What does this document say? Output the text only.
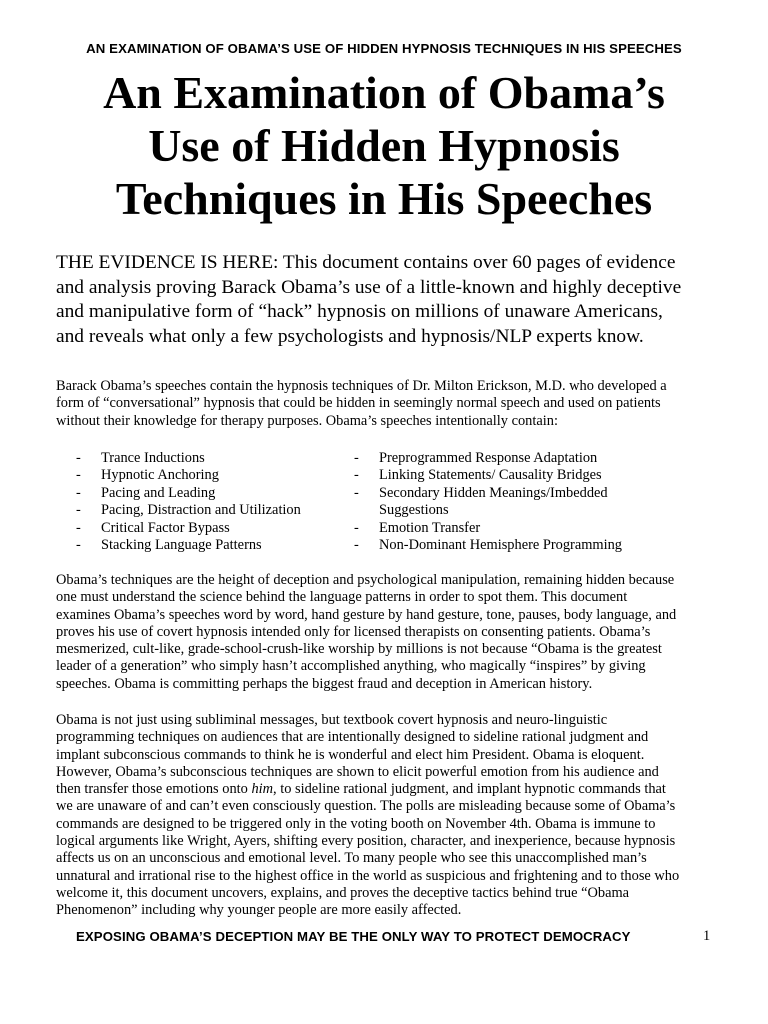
AN EXAMINATION OF OBAMA’S USE OF HIDDEN HYPNOSIS TECHNIQUES IN HIS SPEECHES
An Examination of Obama’s
Use of Hidden Hypnosis
Techniques in His Speeches

THE EVIDENCE IS HERE: This document contains over 60 pages of evidence
and analysis proving Barack Obama’s use of a little-known and highly deceptive
and manipulative form of “hack” hypnosis on millions of unaware Americans,
and reveals what only a few psychologists and hypnosis/NLP experts know.

Barack Obama’s speeches contain the hypnosis techniques of Dr. Milton Erickson, M.D. who developed a
form of “conversational” hypnosis that could be hidden in seemingly normal speech and used on patients
without their knowledge for therapy purposes. Obama’s speeches intentionally contain:

- Trance Inductions
- Hypnotic Anchoring
- Pacing and Leading
- Pacing, Distraction and Utilization
- Critical Factor Bypass
- Stacking Language Patterns
- Preprogrammed Response Adaptation
- Linking Statements/ Causality Bridges
- Secondary Hidden Meanings/Imbedded
Suggestions
- Emotion Transfer
- Non-Dominant Hemisphere Programming

Obama’s techniques are the height of deception and psychological manipulation, remaining hidden because
one must understand the science behind the language patterns in order to spot them. This document
examines Obama’s speeches word by word, hand gesture by hand gesture, tone, pauses, body language, and
proves his use of covert hypnosis intended only for licensed therapists on consenting patients. Obama’s
mesmerized, cult-like, grade-school-crush-like worship by millions is not because “Obama is the greatest
leader of a generation” who simply hasn’t accomplished anything, who magically “inspires” by giving
speeches. Obama is committing perhaps the biggest fraud and deception in American history.

Obama is not just using subliminal messages, but textbook covert hypnosis and neuro-linguistic
programming techniques on audiences that are intentionally designed to sideline rational judgment and
implant subconscious commands to think he is wonderful and elect him President. Obama is eloquent.
However, Obama’s subconscious techniques are shown to elicit powerful emotion from his audience and
then transfer those emotions onto him, to sideline rational judgment, and implant hypnotic commands that
we are unaware of and can’t even consciously question. The polls are misleading because some of Obama’s
commands are designed to be triggered only in the voting booth on November 4th. Obama is immune to
logical arguments like Wright, Ayers, shifting every position, character, and inexperience, because hypnosis
affects us on an unconscious and emotional level. To many people who see this unaccomplished man’s
unnatural and irrational rise to the highest office in the world as suspicious and frightening and to those who
welcome it, this document uncovers, explains, and proves the deceptive tactics behind true “Obama
Phenomenon” including why younger people are more easily affected.

EXPOSING OBAMA’S DECEPTION MAY BE THE ONLY WAY TO PROTECT DEMOCRACY	1
